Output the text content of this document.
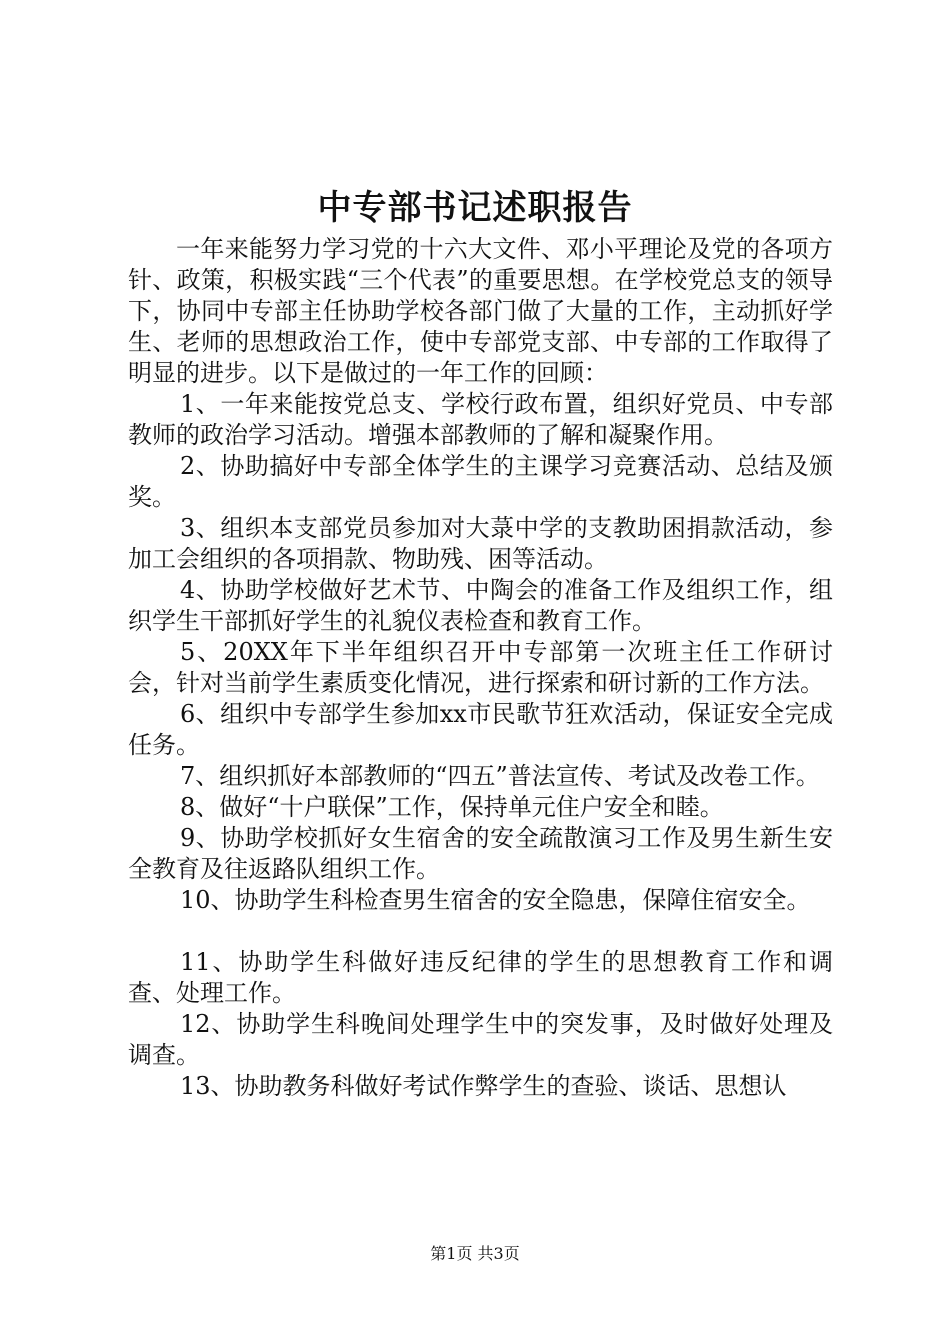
中专部书记述职报告

一年来能努力学习党的十六大文件、邓小平理论及党的各项方针、政策，积极实践“三个代表”的重要思想。在学校党总支的领导下，协同中专部主任协助学校各部门做了大量的工作，主动抓好学生、老师的思想政治工作，使中专部党支部、中专部的工作取得了明显的进步。以下是做过的一年工作的回顾：

1、一年来能按党总支、学校行政布置，组织好党员、中专部教师的政治学习活动。增强本部教师的了解和凝聚作用。

2、协助搞好中专部全体学生的主课学习竞赛活动、总结及颁奖。

3、组织本支部党员参加对大菉中学的支教助困捐款活动，参加工会组织的各项捐款、物助残、困等活动。

4、协助学校做好艺术节、中陶会的准备工作及组织工作，组织学生干部抓好学生的礼貌仪表检查和教育工作。

5、20XX年下半年组织召开中专部第一次班主任工作研讨会，针对当前学生素质变化情况，进行探索和研讨新的工作方法。

6、组织中专部学生参加xx市民歌节狂欢活动，保证安全完成任务。

7、组织抓好本部教师的“四五”普法宣传、考试及改卷工作。

8、做好“十户联保”工作，保持单元住户安全和睦。

9、协助学校抓好女生宿舍的安全疏散演习工作及男生新生安全教育及往返路队组织工作。

10、协助学生科检查男生宿舍的安全隐患，保障住宿安全。

11、协助学生科做好违反纪律的学生的思想教育工作和调查、处理工作。

12、协助学生科晚间处理学生中的突发事，及时做好处理及调查。

13、协助教务科做好考试作弊学生的查验、谈话、思想认

第1页 共3页
